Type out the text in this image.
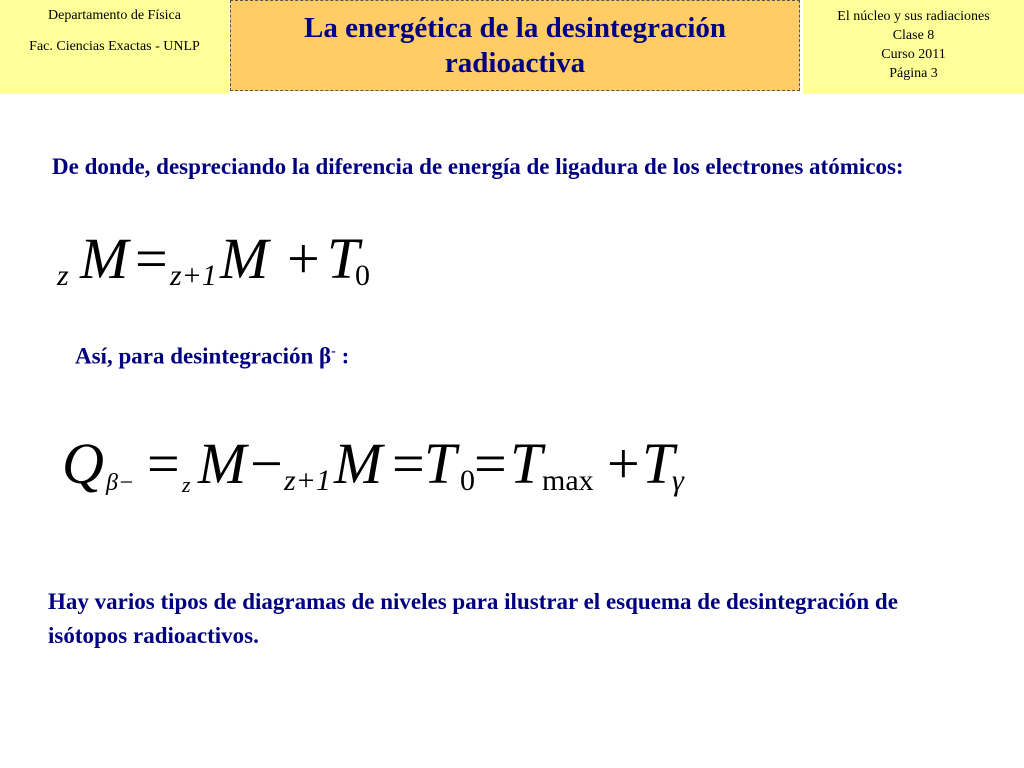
Departamento de Física
Fac. Ciencias Exactas - UNLP
La energética de la desintegración
radioactiva
El núcleo y sus radiaciones
Clase 8
Curso 2011
Página 3
De donde, despreciando la diferencia de energía de ligadura de los electrones atómicos:
z M = z+1 M + T
0
Así, para desintegración β- :
Q β− = z M − z+1 M = T 0 = T max + T
γ
Hay varios tipos de diagramas de niveles para ilustrar el esquema de desintegración de isótopos radioactivos.
